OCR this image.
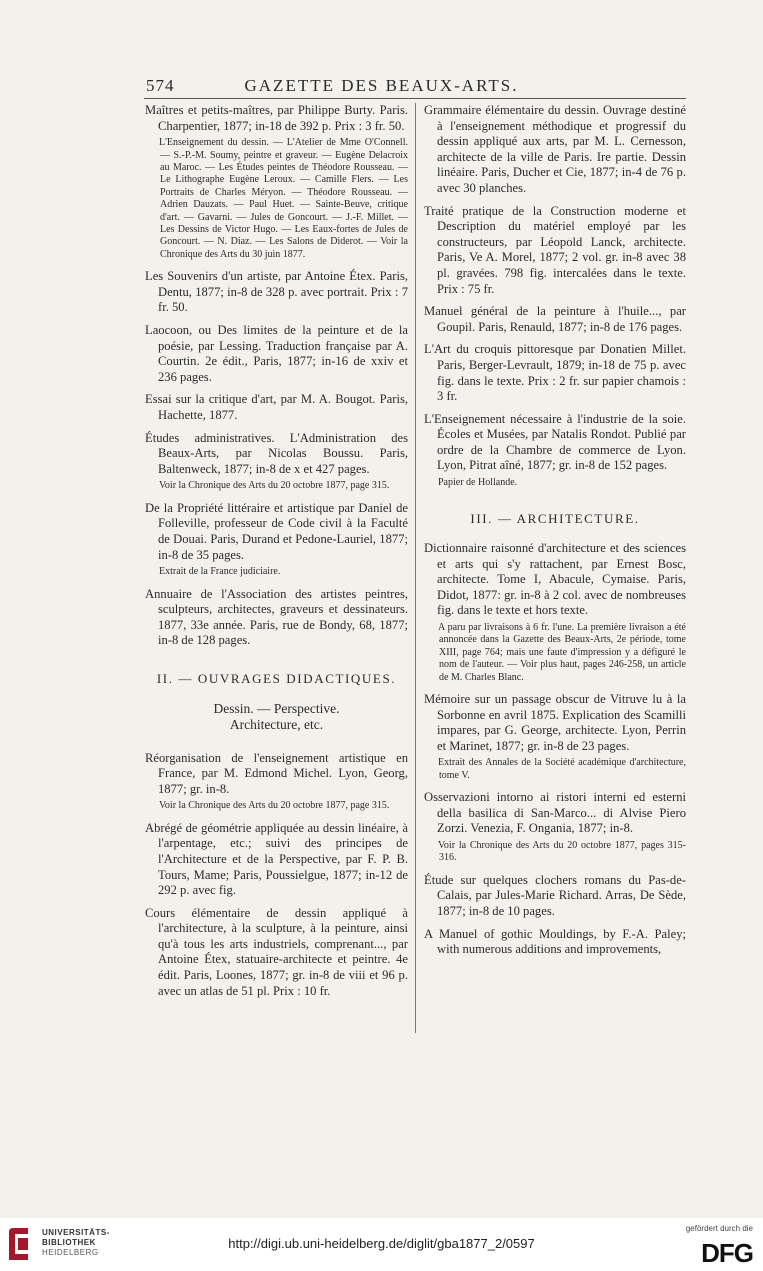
574	GAZETTE DES BEAUX-ARTS.

Maîtres et petits-maîtres, par Philippe Burty. Paris. Charpentier, 1877; in-18 de 392 p. Prix : 3 fr. 50.

L'Enseignement du dessin. — L'Atelier de Mme O'Connell. — S.-P.-M. Soumy, peintre et graveur. — Eugène Delacroix au Maroc. — Les Études peintes de Théodore Rousseau. — Le Lithographe Eugène Leroux. — Camille Flers. — Les Portraits de Charles Méryon. — Théodore Rousseau. — Adrien Dauzats. — Paul Huet. — Sainte-Beuve, critique d'art. — Gavarni. — Jules de Goncourt. — J.-F. Millet. — Les Dessins de Victor Hugo. — Les Eaux-fortes de Jules de Goncourt. — N. Diaz. — Les Salons de Diderot. — Voir la Chronique des Arts du 30 juin 1877.

Les Souvenirs d'un artiste, par Antoine Étex. Paris, Dentu, 1877; in-8 de 328 p. avec portrait. Prix : 7 fr. 50.

Laocoon, ou Des limites de la peinture et de la poésie, par Lessing. Traduction française par A. Courtin. 2e édit., Paris, 1877; in-16 de xxiv et 236 pages.

Essai sur la critique d'art, par M. A. Bougot. Paris, Hachette, 1877.

Études administratives. L'Administration des Beaux-Arts, par Nicolas Boussu. Paris, Baltenweck, 1877; in-8 de x et 427 pages.

Voir la Chronique des Arts du 20 octobre 1877, page 315.

De la Propriété littéraire et artistique par Daniel de Folleville, professeur de Code civil à la Faculté de Douai. Paris, Durand et Pedone-Lauriel, 1877; in-8 de 35 pages.

Extrait de la France judiciaire.

Annuaire de l'Association des artistes peintres, sculpteurs, architectes, graveurs et dessinateurs. 1877, 33e année. Paris, rue de Bondy, 68, 1877; in-8 de 128 pages.

II. — OUVRAGES DIDACTIQUES.
Dessin. — Perspective.
Architecture, etc.

Réorganisation de l'enseignement artistique en France, par M. Edmond Michel. Lyon, Georg, 1877; gr. in-8.

Voir la Chronique des Arts du 20 octobre 1877, page 315.

Abrégé de géométrie appliquée au dessin linéaire, à l'arpentage, etc.; suivi des principes de l'Architecture et de la Perspective, par F. P. B. Tours, Mame; Paris, Poussielgue, 1877; in-12 de 292 p. avec fig.

Cours élémentaire de dessin appliqué à l'architecture, à la sculpture, à la peinture, ainsi qu'à tous les arts industriels, comprenant..., par Antoine Étex, statuaire-architecte et peintre. 4e édit. Paris, Loones, 1877; gr. in-8 de viii et 96 p. avec un atlas de 51 pl. Prix : 10 fr.

Grammaire élémentaire du dessin. Ouvrage destiné à l'enseignement méthodique et progressif du dessin appliqué aux arts, par M. L. Cernesson, architecte de la ville de Paris. Ire partie. Dessin linéaire. Paris, Ducher et Cie, 1877; in-4 de 76 p. avec 30 planches.

Traité pratique de la Construction moderne et Description du matériel employé par les constructeurs, par Léopold Lanck, architecte. Paris, Ve A. Morel, 1877; 2 vol. gr. in-8 avec 38 pl. gravées. 798 fig. intercalées dans le texte. Prix : 75 fr.

Manuel général de la peinture à l'huile..., par Goupil. Paris, Renauld, 1877; in-8 de 176 pages.

L'Art du croquis pittoresque par Donatien Millet. Paris, Berger-Levrault, 1879; in-18 de 75 p. avec fig. dans le texte. Prix : 2 fr. sur papier chamois : 3 fr.

L'Enseignement nécessaire à l'industrie de la soie. Écoles et Musées, par Natalis Rondot. Publié par ordre de la Chambre de commerce de Lyon. Lyon, Pitrat aîné, 1877; gr. in-8 de 152 pages.

Papier de Hollande.

III. — ARCHITECTURE.

Dictionnaire raisonné d'architecture et des sciences et arts qui s'y rattachent, par Ernest Bosc, architecte. Tome I, Abacule, Cymaise. Paris, Didot, 1877: gr. in-8 à 2 col. avec de nombreuses fig. dans le texte et hors texte.

A paru par livraisons à 6 fr. l'une. La première livraison a été annoncée dans la Gazette des Beaux-Arts, 2e période, tome XIII, page 764; mais une faute d'impression y a défiguré le nom de l'auteur. — Voir plus haut, pages 246-258, un article de M. Charles Blanc.

Mémoire sur un passage obscur de Vitruve lu à la Sorbonne en avril 1875. Explication des Scamilli impares, par G. George, architecte. Lyon, Perrin et Marinet, 1877; gr. in-8 de 23 pages.

Extrait des Annales de la Société académique d'architecture, tome V.

Osservazioni intorno ai ristori interni ed esterni della basilica di San-Marco... di Alvise Piero Zorzi. Venezia, F. Ongania, 1877; in-8.

Voir la Chronique des Arts du 20 octobre 1877, pages 315-316.

Étude sur quelques clochers romans du Pas-de-Calais, par Jules-Marie Richard. Arras, De Sède, 1877; in-8 de 10 pages.

A Manuel of gothic Mouldings, by F.-A. Paley; with numerous additions and improvements,

UNIVERSITÄTS-
BIBLIOTHEK
HEIDELBERG
http://digi.ub.uni-heidelberg.de/diglit/gba1877_2/0597
gefördert durch die
DFG
